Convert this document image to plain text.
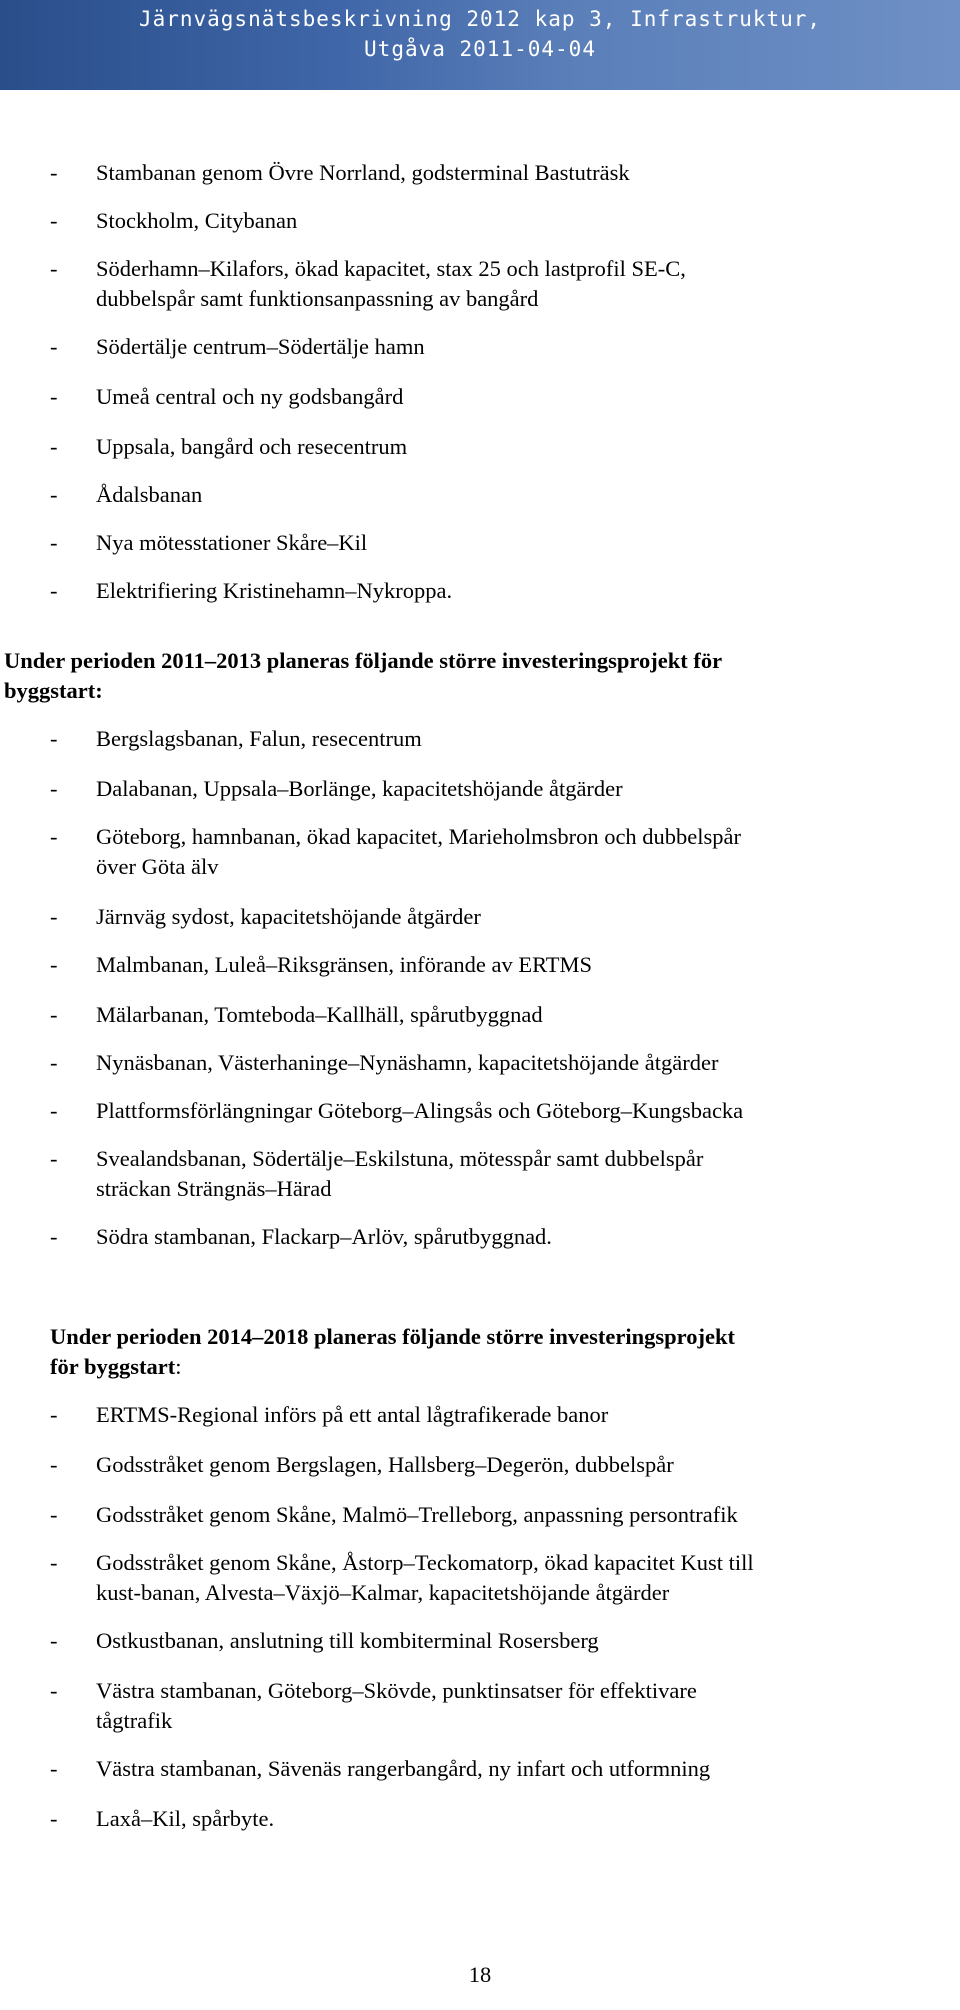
Järnvägsnätsbeskrivning 2012 kap 3, Infrastruktur,
Utgåva 2011-04-04
-	Stambanan genom Övre Norrland, godsterminal Bastuträsk
-	Stockholm, Citybanan
-	Söderhamn–Kilafors, ökad kapacitet, stax 25 och lastprofil SE-C,
dubbelspår samt funktionsanpassning av bangård
-	Södertälje centrum–Södertälje hamn
-	Umeå central och ny godsbangård
-	Uppsala, bangård och resecentrum
-	Ådalsbanan
-	Nya mötesstationer Skåre–Kil
-	Elektrifiering Kristinehamn–Nykroppa.
Under perioden 2011–2013 planeras följande större investeringsprojekt för
byggstart:
-	Bergslagsbanan, Falun, resecentrum
-	Dalabanan, Uppsala–Borlänge, kapacitetshöjande åtgärder
-	Göteborg, hamnbanan, ökad kapacitet, Marieholmsbron och dubbelspår
över Göta älv
-	Järnväg sydost, kapacitetshöjande åtgärder
-	Malmbanan, Luleå–Riksgränsen, införande av ERTMS
-	Mälarbanan, Tomteboda–Kallhäll, spårutbyggnad
-	Nynäsbanan, Västerhaninge–Nynäshamn, kapacitetshöjande åtgärder
-	Plattformsförlängningar Göteborg–Alingsås och Göteborg–Kungsbacka
-	Svealandsbanan, Södertälje–Eskilstuna, mötesspår samt dubbelspår
sträckan Strängnäs–Härad
-	Södra stambanan, Flackarp–Arlöv, spårutbyggnad.
Under perioden 2014–2018 planeras följande större investeringsprojekt
för byggstart:
-	ERTMS-Regional införs på ett antal lågtrafikerade banor
-	Godsstråket genom Bergslagen, Hallsberg–Degerön, dubbelspår
-	Godsstråket genom Skåne, Malmö–Trelleborg, anpassning persontrafik
-	Godsstråket genom Skåne, Åstorp–Teckomatorp, ökad kapacitet Kust till
kust-banan, Alvesta–Växjö–Kalmar, kapacitetshöjande åtgärder
-	Ostkustbanan, anslutning till kombiterminal Rosersberg
-	Västra stambanan, Göteborg–Skövde, punktinsatser för effektivare
tågtrafik
-	Västra stambanan, Sävenäs rangerbangård, ny infart och utformning
-	Laxå–Kil, spårbyte.
18
